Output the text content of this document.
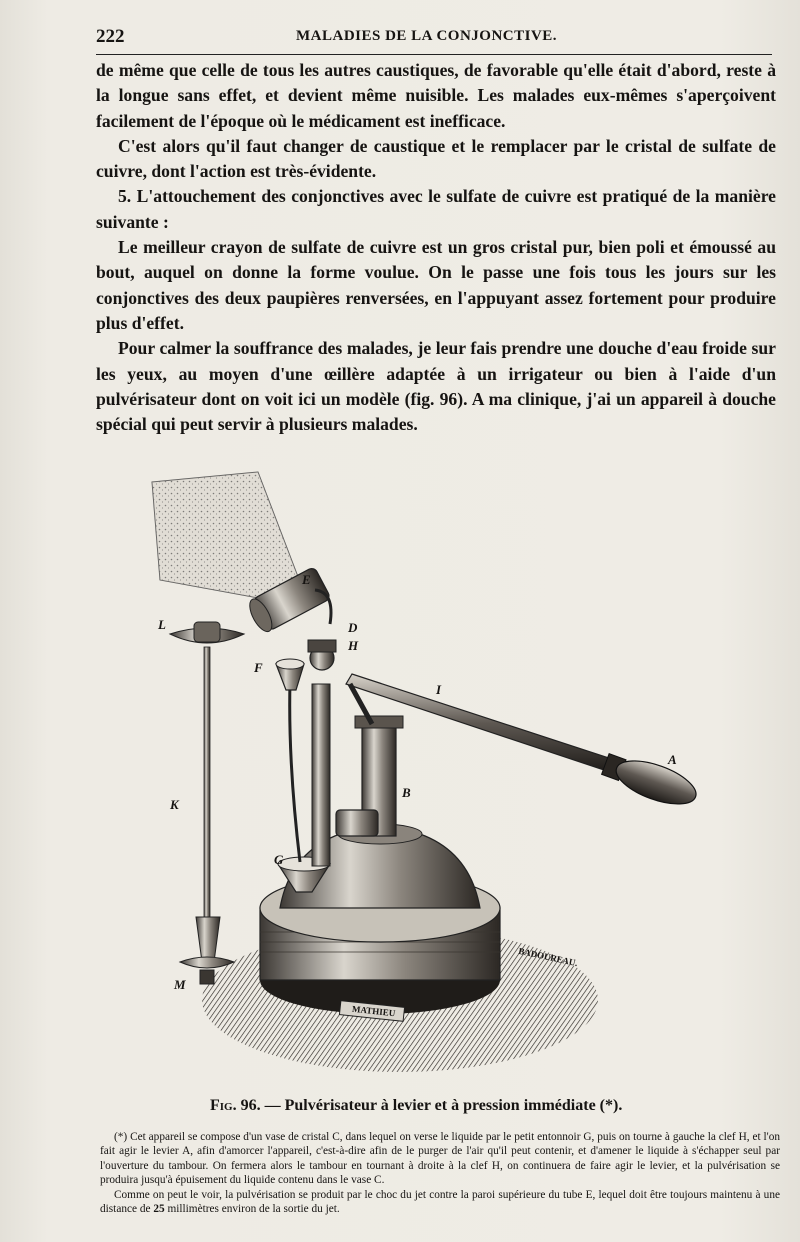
222	MALADIES DE LA CONJONCTIVE.

de même que celle de tous les autres caustiques, de favorable qu'elle était d'abord, reste à la longue sans effet, et devient même nuisible. Les malades eux-mêmes s'aperçoivent facilement de l'époque où le médicament est inefficace.

C'est alors qu'il faut changer de caustique et le remplacer par le cristal de sulfate de cuivre, dont l'action est très-évidente.

5. L'attouchement des conjonctives avec le sulfate de cuivre est pratiqué de la manière suivante :

Le meilleur crayon de sulfate de cuivre est un gros cristal pur, bien poli et émoussé au bout, auquel on donne la forme voulue. On le passe une fois tous les jours sur les conjonctives des deux paupières renversées, en l'appuyant assez fortement pour produire plus d'effet.

Pour calmer la souffrance des malades, je leur fais prendre une douche d'eau froide sur les yeux, au moyen d'une œillère adaptée à un irrigateur ou bien à l'aide d'un pulvérisateur dont on voit ici un modèle (fig. 96). A ma clinique, j'ai un appareil à douche spécial qui peut servir à plusieurs malades.

E
L	D
H
F
I
A
K
B
G
M
BADOUREAU.
MATHIEU
Fig. 96. — Pulvérisateur à levier et à pression immédiate (*).

(*) Cet appareil se compose d'un vase de cristal C, dans lequel on verse le liquide par le petit entonnoir G, puis on tourne à gauche la clef H, et l'on fait agir le levier A, afin d'amorcer l'appareil, c'est-à-dire afin de le purger de l'air qu'il peut contenir, et d'amener le liquide à s'échapper seul par l'ouverture du tambour. On fermera alors le tambour en tournant à droite à la clef H, on continuera de faire agir le levier, et la pulvérisation se produira jusqu'à épuisement du liquide contenu dans le vase C.

Comme on peut le voir, la pulvérisation se produit par le choc du jet contre la paroi supérieure du tube E, lequel doit être toujours maintenu à une distance de 25 millimètres environ de la sortie du jet.
